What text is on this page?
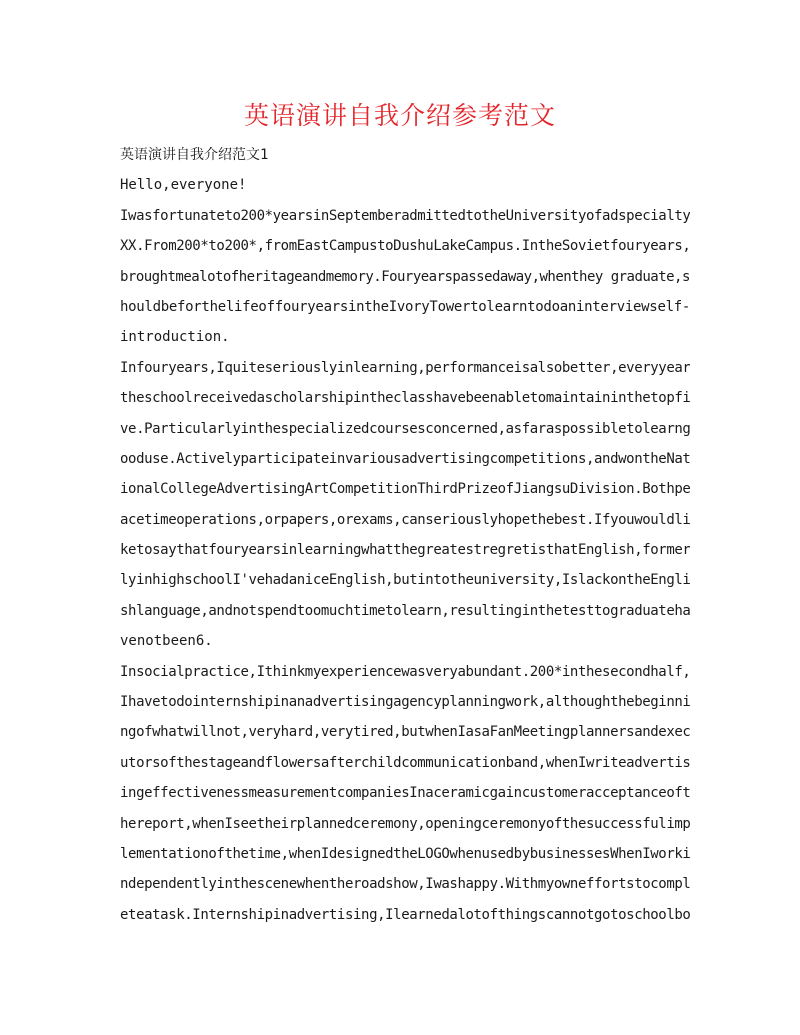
英语演讲自我介绍参考范文
英语演讲自我介绍范文1
Hello,everyone!
Iwasfortunateto200*yearsinSeptemberadmittedtotheUniversityofadspecialty
XX.From200*to200*,fromEastCampustoDushuLakeCampus.IntheSovietfouryears,
broughtmealotofheritageandmemory.Fouryearspassedaway,whenthey graduate,s
houldbeforthelifeoffouryearsintheIvoryTowertolearntodoaninterviewself-
introduction.
Infouryears,Iquiteseriouslyinlearning,performanceisalsobetter,everyyear
theschoolreceivedascholarshipintheclasshavebeenabletomaintaininthetopfi
ve.Particularlyinthespecializedcoursesconcerned,asfaraspossibletolearng
ooduse.Activelyparticipateinvariousadvertisingcompetitions,andwontheNat
ionalCollegeAdvertisingArtCompetitionThirdPrizeofJiangsuDivision.Bothpe
acetimeoperations,orpapers,orexams,canseriouslyhopethebest.Ifyouwouldli
ketosaythatfouryearsinlearningwhatthegreatestregretisthatEnglish,former
lyinhighschoolI'vehadaniceEnglish,butintotheuniversity,IslackontheEngli
shlanguage,andnotspendtoomuchtimetolearn,resultinginthetesttograduateha
venotbeen6.
Insocialpractice,Ithinkmyexperiencewasveryabundant.200*inthesecondhalf,
Ihavetodointernshipinanadvertisingagencyplanningwork,althoughthebeginni
ngofwhatwillnot,veryhard,verytired,butwhenIasaFanMeetingplannersandexec
utorsofthestageandflowersafterchildcommunicationband,whenIwriteadvertis
ingeffectivenessmeasurementcompaniesInaceramicgaincustomeracceptanceoft
hereport,whenIseetheirplannedceremony,openingceremonyofthesuccessfulimp
lementationofthetime,whenIdesignedtheLOGOwhenusedbybusinessesWhenIworki
ndependentlyinthescenewhentheroadshow,Iwashappy.Withmyowneffortstocompl
eteatask.Internshipinadvertising,Ilearnedalotofthingscannotgotoschoolbo
